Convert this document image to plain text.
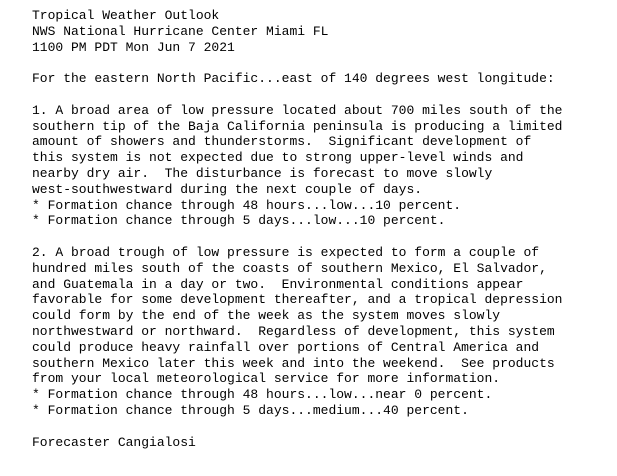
Tropical Weather Outlook
NWS National Hurricane Center Miami FL
1100 PM PDT Mon Jun 7 2021
For the eastern North Pacific...east of 140 degrees west longitude:
1. A broad area of low pressure located about 700 miles south of the
southern tip of the Baja California peninsula is producing a limited
amount of showers and thunderstorms.  Significant development of
this system is not expected due to strong upper-level winds and
nearby dry air.  The disturbance is forecast to move slowly
west-southwestward during the next couple of days.
* Formation chance through 48 hours...low...10 percent.
* Formation chance through 5 days...low...10 percent.
2. A broad trough of low pressure is expected to form a couple of
hundred miles south of the coasts of southern Mexico, El Salvador,
and Guatemala in a day or two.  Environmental conditions appear
favorable for some development thereafter, and a tropical depression
could form by the end of the week as the system moves slowly
northwestward or northward.  Regardless of development, this system
could produce heavy rainfall over portions of Central America and
southern Mexico later this week and into the weekend.  See products
from your local meteorological service for more information.
* Formation chance through 48 hours...low...near 0 percent.
* Formation chance through 5 days...medium...40 percent.
Forecaster Cangialosi
